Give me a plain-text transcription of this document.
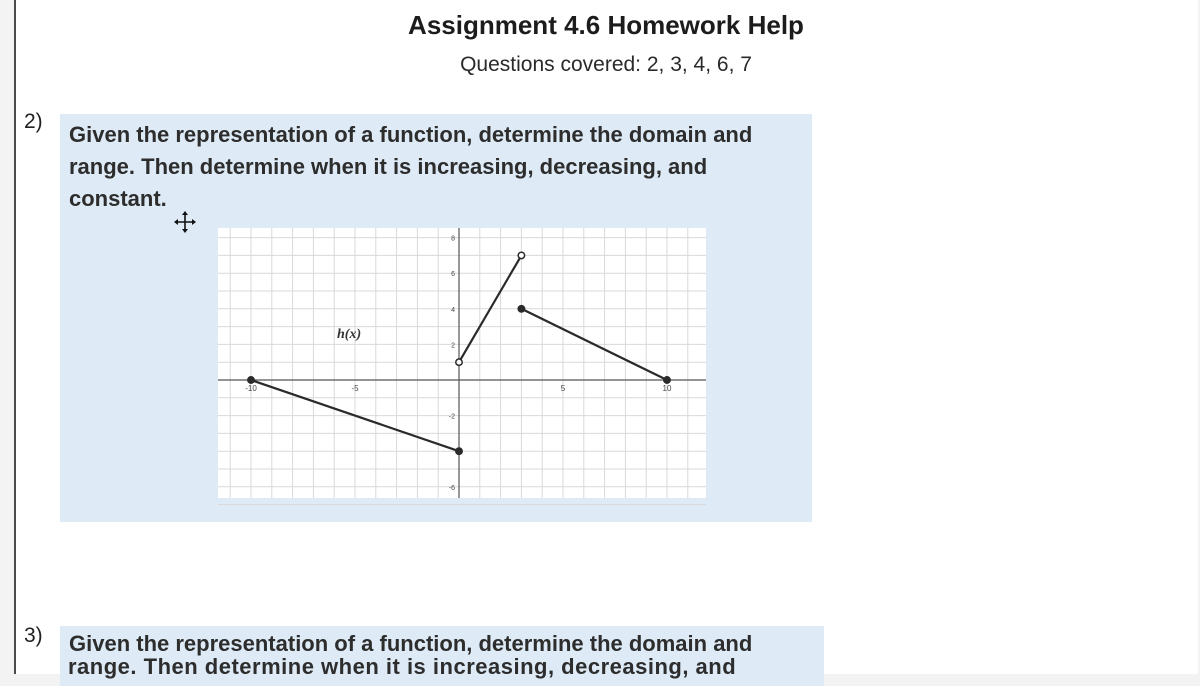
Assignment 4.6 Homework Help
Questions covered: 2, 3, 4, 6, 7
2)
Given the representation of a function, determine the domain and
range. Then determine when it is increasing, decreasing, and
constant.
-10	-5	5	10
8
6
4
2
-2
-6
h(x)
3) Given the representation of a function, determine the domain and
range. Then determine when it is increasing, decreasing, and
